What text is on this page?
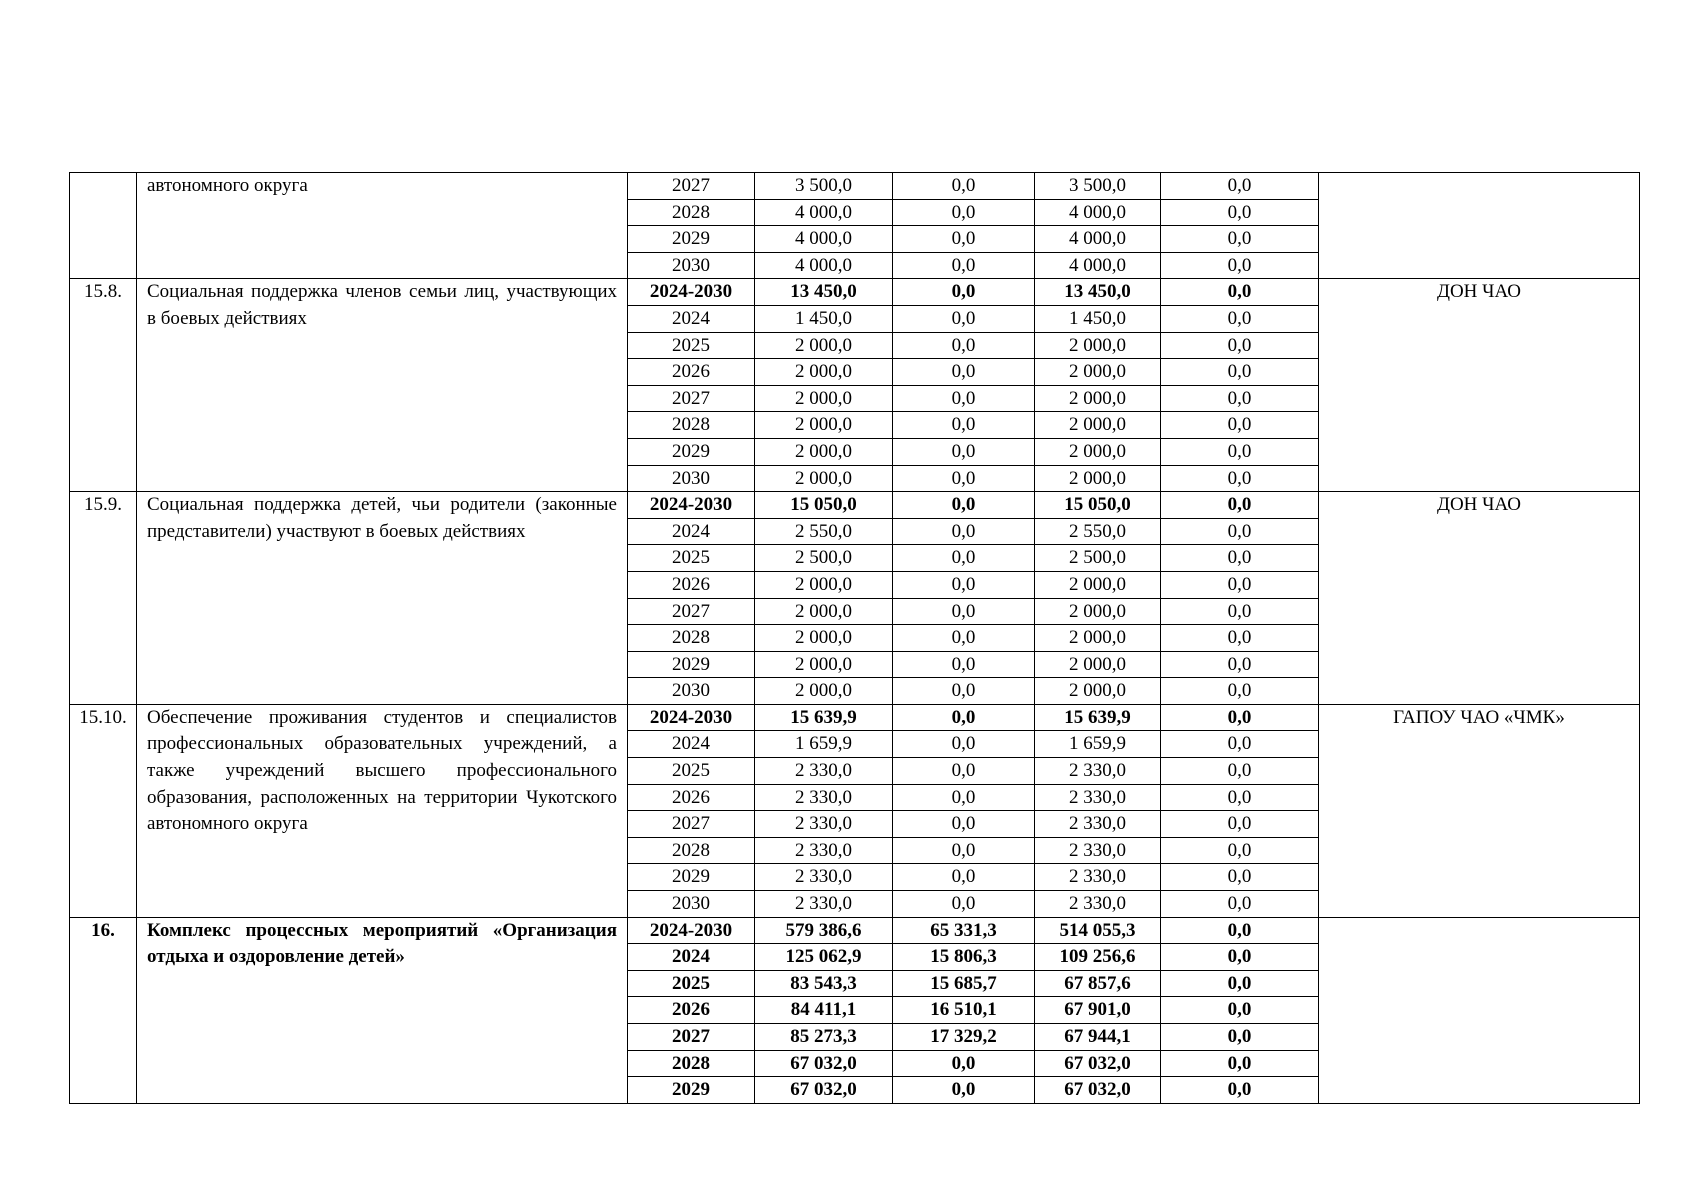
	автономного округа	2027	3 500,0	0,0	3 500,0	0,0	
		2028	4 000,0	0,0	4 000,0	0,0	
		2029	4 000,0	0,0	4 000,0	0,0	
		2030	4 000,0	0,0	4 000,0	0,0	
15.8.	Социальная поддержка членов семьи лиц, участвующих в боевых действиях	2024-2030	13 450,0	0,0	13 450,0	0,0	ДОН ЧАО
		2024	1 450,0	0,0	1 450,0	0,0	
		2025	2 000,0	0,0	2 000,0	0,0	
		2026	2 000,0	0,0	2 000,0	0,0	
		2027	2 000,0	0,0	2 000,0	0,0	
		2028	2 000,0	0,0	2 000,0	0,0	
		2029	2 000,0	0,0	2 000,0	0,0	
		2030	2 000,0	0,0	2 000,0	0,0	
15.9.	Социальная поддержка детей, чьи родители (законные представители) участвуют в боевых действиях	2024-2030	15 050,0	0,0	15 050,0	0,0	ДОН ЧАО
		2024	2 550,0	0,0	2 550,0	0,0	
		2025	2 500,0	0,0	2 500,0	0,0	
		2026	2 000,0	0,0	2 000,0	0,0	
		2027	2 000,0	0,0	2 000,0	0,0	
		2028	2 000,0	0,0	2 000,0	0,0	
		2029	2 000,0	0,0	2 000,0	0,0	
		2030	2 000,0	0,0	2 000,0	0,0	
15.10.	Обеспечение проживания студентов и специалистов профессиональных образовательных учреждений, а также учреждений высшего профессионального образования, расположенных на территории Чукотского автономного округа	2024-2030	15 639,9	0,0	15 639,9	0,0	ГАПОУ ЧАО «ЧМК»
		2024	1 659,9	0,0	1 659,9	0,0	
		2025	2 330,0	0,0	2 330,0	0,0	
		2026	2 330,0	0,0	2 330,0	0,0	
		2027	2 330,0	0,0	2 330,0	0,0	
		2028	2 330,0	0,0	2 330,0	0,0	
		2029	2 330,0	0,0	2 330,0	0,0	
		2030	2 330,0	0,0	2 330,0	0,0	
16.	Комплекс процессных мероприятий «Организация отдыха и оздоровление детей»	2024-2030	579 386,6	65 331,3	514 055,3	0,0	
		2024	125 062,9	15 806,3	109 256,6	0,0	
		2025	83 543,3	15 685,7	67 857,6	0,0	
		2026	84 411,1	16 510,1	67 901,0	0,0	
		2027	85 273,3	17 329,2	67 944,1	0,0	
		2028	67 032,0	0,0	67 032,0	0,0	
		2029	67 032,0	0,0	67 032,0	0,0	
